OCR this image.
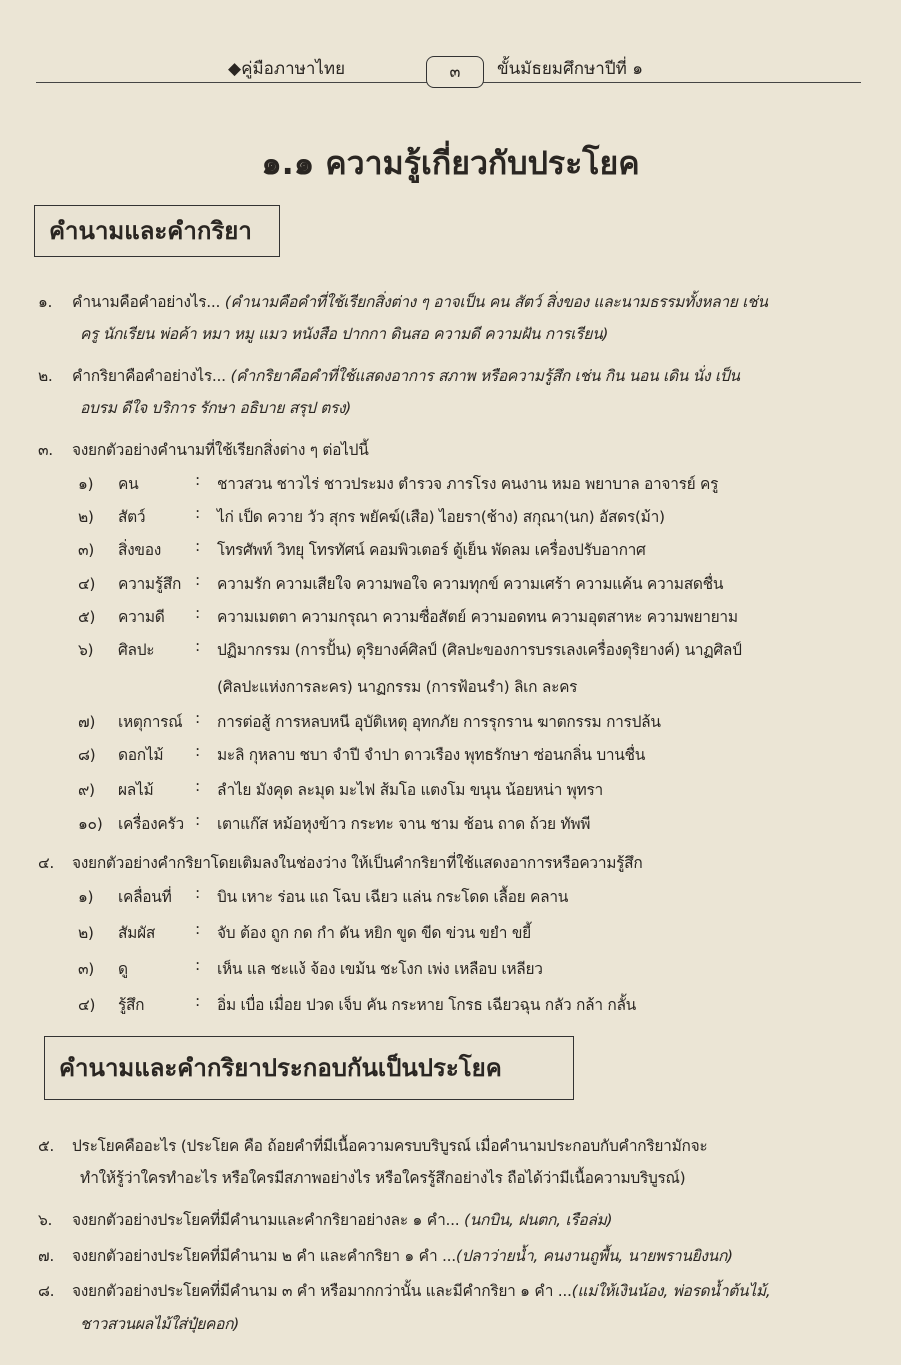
◆คู่มือภาษาไทย	๓	ขั้นมัธยมศึกษาปีที่ ๑
๑.๑ ความรู้เกี่ยวกับประโยค
คำนามและคำกริยา
๑. คำนามคือคำอย่างไร... (คำนามคือคำที่ใช้เรียกสิ่งต่าง ๆ อาจเป็น คน สัตว์ สิ่งของ และนามธรรมทั้งหลาย เช่น
ครู นักเรียน พ่อค้า หมา หมู แมว หนังสือ ปากกา ดินสอ ความดี ความฝัน การเรียน)
๒. คำกริยาคือคำอย่างไร... (คำกริยาคือคำที่ใช้แสดงอาการ สภาพ หรือความรู้สึก เช่น กิน นอน เดิน นั่ง เป็น
อบรม ดีใจ บริการ รักษา อธิบาย สรุป ตรง)
๓. จงยกตัวอย่างคำนามที่ใช้เรียกสิ่งต่าง ๆ ต่อไปนี้
๑) คน	: ชาวสวน ชาวไร่ ชาวประมง ตำรวจ ภารโรง คนงาน หมอ พยาบาล อาจารย์ ครู
๒) สัตว์	: ไก่ เป็ด ควาย วัว สุกร พยัคฆ์(เสือ) ไอยรา(ช้าง) สกุณา(นก) อัสดร(ม้า)
๓) สิ่งของ : โทรศัพท์ วิทยุ โทรทัศน์ คอมพิวเตอร์ ตู้เย็น พัดลม เครื่องปรับอากาศ
๔) ความรู้สึก : ความรัก ความเสียใจ ความพอใจ ความทุกข์ ความเศร้า ความแค้น ความสดชื่น
๕) ความดี : ความเมตตา ความกรุณา ความซื่อสัตย์ ความอดทน ความอุตสาหะ ความพยายาม
๖) ศิลปะ	: ปฏิมากรรม (การปั้น) ดุริยางค์ศิลป์ (ศิลปะของการบรรเลงเครื่องดุริยางค์) นาฏศิลป์
(ศิลปะแห่งการละคร) นาฏกรรม (การฟ้อนรำ) ลิเก ละคร
๗) เหตุการณ์ : การต่อสู้ การหลบหนี อุบัติเหตุ อุทกภัย การรุกราน ฆาตกรรม การปล้น
๘) ดอกไม้ : มะลิ กุหลาบ ชบา จำปี จำปา ดาวเรือง พุทธรักษา ซ่อนกลิ่น บานชื่น
๙) ผลไม้	: ลำไย มังคุด ละมุด มะไฟ ส้มโอ แตงโม ขนุน น้อยหน่า พุทรา
๑๐) เครื่องครัว : เตาแก๊ส หม้อหุงข้าว กระทะ จาน ชาม ช้อน ถาด ถ้วย ทัพพี
๔. จงยกตัวอย่างคำกริยาโดยเติมลงในช่องว่าง ให้เป็นคำกริยาที่ใช้แสดงอาการหรือความรู้สึก
๑) เคลื่อนที่ : บิน เหาะ ร่อน แถ โฉบ เฉียว แล่น กระโดด เลื้อย คลาน
๒) สัมผัส	: จับ ต้อง ถูก กด กำ ดัน หยิก ขูด ขีด ข่วน ขยำ ขยี้
๓) ดู	: เห็น แล ชะแง้ จ้อง เขม้น ชะโงก เพ่ง เหลือบ เหลียว
๔) รู้สึก	: อิ่ม เบื่อ เมื่อย ปวด เจ็บ คัน กระหาย โกรธ เฉียวฉุน กลัว กล้า กลั้น
คำนามและคำกริยาประกอบกันเป็นประโยค
๕. ประโยคคืออะไร (ประโยค คือ ถ้อยคำที่มีเนื้อความครบบริบูรณ์ เมื่อคำนามประกอบกับคำกริยามักจะ
ทำให้รู้ว่าใครทำอะไร หรือใครมีสภาพอย่างไร หรือใครรู้สึกอย่างไร ถือได้ว่ามีเนื้อความบริบูรณ์)
๖. จงยกตัวอย่างประโยคที่มีคำนามและคำกริยาอย่างละ ๑ คำ... (นกบิน, ฝนตก, เรือล่ม)
๗. จงยกตัวอย่างประโยคที่มีคำนาม ๒ คำ และคำกริยา ๑ คำ ...(ปลาว่ายน้ำ, คนงานถูพื้น, นายพรานยิงนก)
๘. จงยกตัวอย่างประโยคที่มีคำนาม ๓ คำ หรือมากกว่านั้น และมีคำกริยา ๑ คำ ...(แม่ให้เงินน้อง, พ่อรดน้ำต้นไม้,
ชาวสวนผลไม้ใส่ปุ๋ยคอก)
